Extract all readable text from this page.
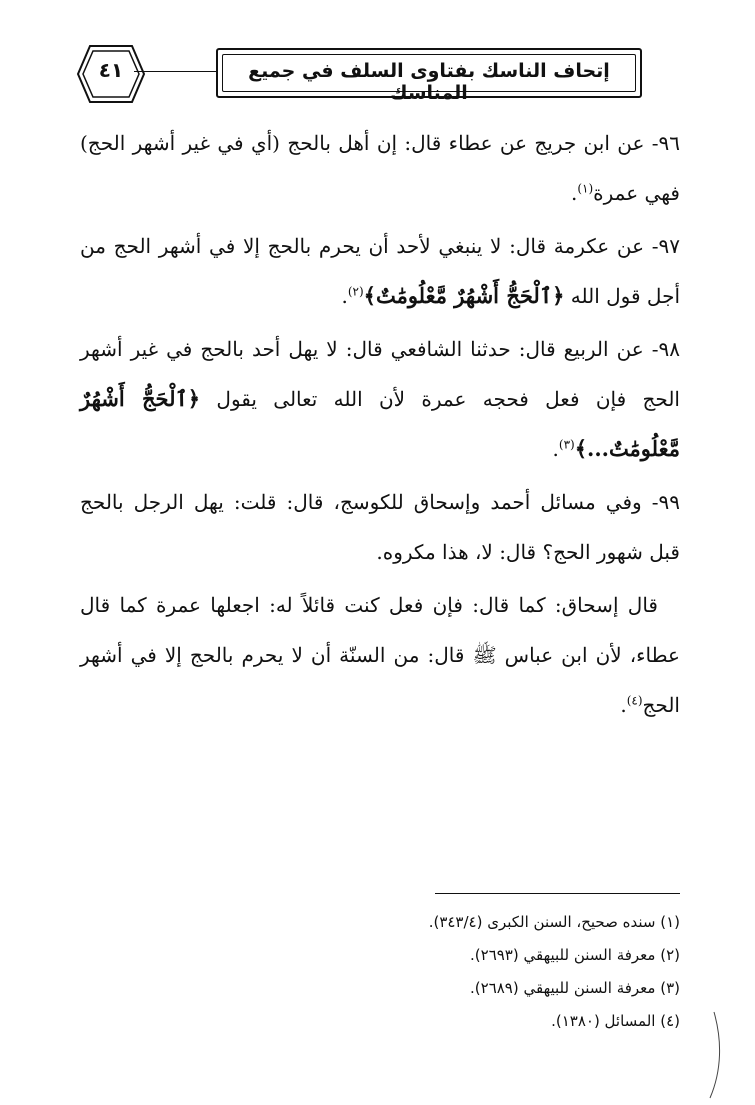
٤١	إتحاف الناسك بفتاوى السلف في جميع المناسك

٩٦- عن ابن جريج عن عطاء قال: إن أهل بالحج (أي في غير أشهر الحج) فهي عمرة$^{(١)}$.

٩٧- عن عكرمة قال: لا ينبغي لأحد أن يحرم بالحج إلا في أشهر الحج من أجل قول الله ﴿ٱلْحَجُّ أَشْهُرٌ مَّعْلُومَٰتٌ﴾$^{(٢)}$.

٩٨- عن الربيع قال: حدثنا الشافعي قال: لا يهل أحد بالحج في غير أشهر الحج فإن فعل فحجه عمرة لأن الله تعالى يقول ﴿ٱلْحَجُّ أَشْهُرٌ مَّعْلُومَٰتٌ...﴾$^{(٣)}$.

٩٩- وفي مسائل أحمد وإسحاق للكوسج، قال: قلت: يهل الرجل بالحج قبل شهور الحج؟ قال: لا، هذا مكروه.

قال إسحاق: كما قال: فإن فعل كنت قائلاً له: اجعلها عمرة كما قال عطاء، لأن ابن عباس ﷺ قال: من السنّة أن لا يحرم بالحج إلا في أشهر الحج$^{(٤)}$.

(١) سنده صحيح، السنن الكبرى (٣٤٣/٤).

(٢) معرفة السنن للبيهقي (٢٦٩٣).

(٣) معرفة السنن للبيهقي (٢٦٨٩).

(٤) المسائل (١٣٨٠).
